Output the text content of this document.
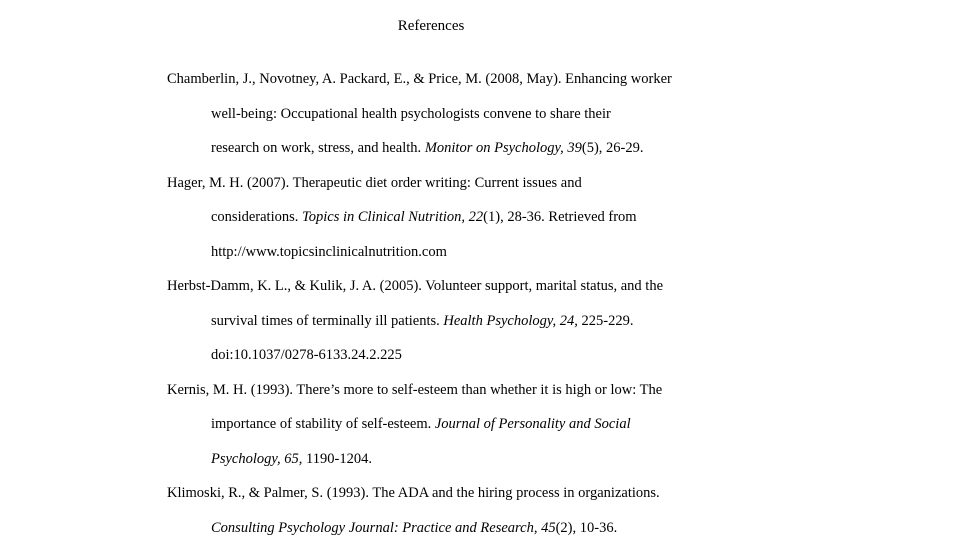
References
Chamberlin, J., Novotney, A. Packard, E., & Price, M. (2008, May). Enhancing worker
well-being: Occupational health psychologists convene to share their
research on work, stress, and health. Monitor on Psychology, 39(5), 26-29.
Hager, M. H. (2007). Therapeutic diet order writing: Current issues and
considerations. Topics in Clinical Nutrition, 22(1), 28-36. Retrieved from
http://www.topicsinclinicalnutrition.com
Herbst-Damm, K. L., & Kulik, J. A. (2005). Volunteer support, marital status, and the
survival times of terminally ill patients. Health Psychology, 24, 225-229.
doi:10.1037/0278-6133.24.2.225
Kernis, M. H. (1993). There’s more to self-esteem than whether it is high or low: The
importance of stability of self-esteem. Journal of Personality and Social
Psychology, 65, 1190-1204.
Klimoski, R., & Palmer, S. (1993). The ADA and the hiring process in organizations.
Consulting Psychology Journal: Practice and Research, 45(2), 10-36.
